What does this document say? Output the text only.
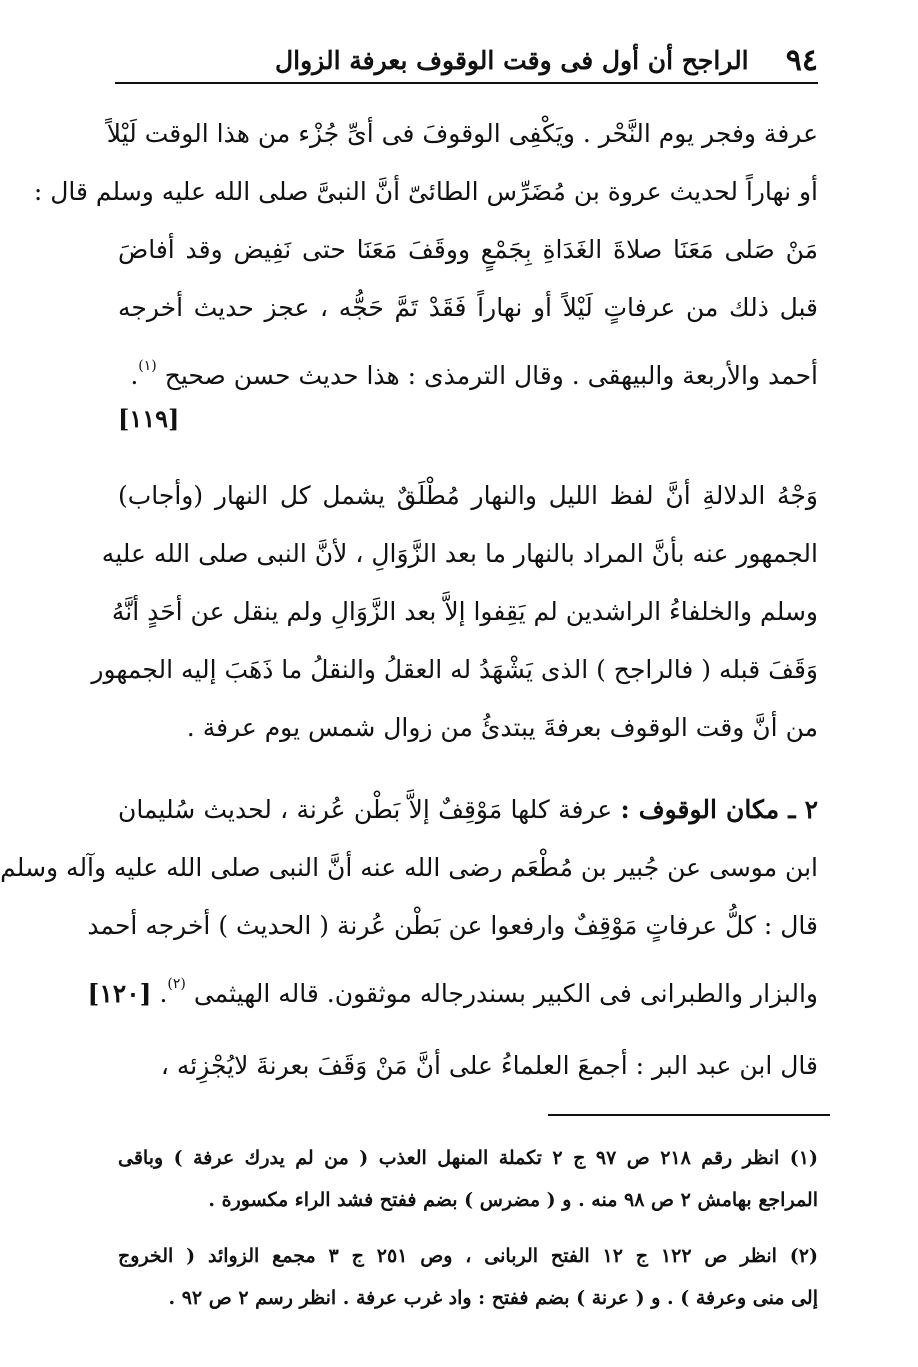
٩٤
الراجح أن أول فى وقت الوقوف بعرفة الزوال
عرفة وفجر يوم النَّحْر . ويَكْفِى الوقوفَ فى أىِّ جُزْء من هذا الوقت لَيْلاً
أو نهاراً لحديث عروة بن مُضَرِّس الطائىّ أنَّ النبىَّ صلى الله عليه وسلم قال :
مَنْ صَلى مَعَنَا صلاةَ الغَدَاةِ بِجَمْعٍ ووقَفَ مَعَنَا حتى نَفِيض وقد أفاضَ
قبل ذلك من عرفاتٍ لَيْلاً أو نهاراً فَقَدْ تَمَّ حَجُّه ، عجز حديث أخرجه
أحمد والأربعة والبيهقى . وقال الترمذى : هذا حديث حسن صحيح $^{(١)}$.
[١١٩]
وَجْهُ الدلالةِ أنَّ لفظ الليل والنهار مُطْلَقٌ يشمل كل النهار (وأجاب)
الجمهور عنه بأنَّ المراد بالنهار ما بعد الزَّوَالِ ، لأنَّ النبى صلى الله عليه
وسلم والخلفاءُ الراشدين لم يَقِفوا إلاَّ بعد الزَّوَالِ ولم ينقل عن أحَدٍ أنَّهُ
وَقَفَ قبله ( فالراجح ) الذى يَشْهَدُ له العقلُ والنقلُ ما ذَهَبَ إليه الجمهور
من أنَّ وقت الوقوف بعرفةَ يبتدئُ من زوال شمس يوم عرفة .
٢ ـ مكان الوقوف : عرفة كلها مَوْقِفٌ إلاَّ بَطْن عُرنة ، لحديث سُليمان
ابن موسى عن جُبير بن مُطْعَم رضى الله عنه أنَّ النبى صلى الله عليه وآله وسلم
قال : كلُّ عرفاتٍ مَوْقِفٌ وارفعوا عن بَطْن عُرنة ( الحديث ) أخرجه أحمد
والبزار والطبرانى فى الكبير بسندرجاله موثقون. قاله الهيثمى $^{(٢)}$. [١٢٠]
قال ابن عبد البر : أجمعَ العلماءُ على أنَّ مَنْ وَقَفَ بعرنةَ لايُجْزِئه ،
(١) انظر رقم ٢١٨ ص ٩٧ ج ٢ تكملة المنهل العذب ( من لم يدرك عرفة ) وباقى
المراجع بهامش ٢ ص ٩٨ منه . و ( مضرس ) بضم ففتح فشد الراء مكسورة .
(٢) انظر ص ١٢٢ ج ١٢ الفتح الربانى ، وص ٢٥١ ج ٣ مجمع الزوائد ( الخروج
إلى منى وعرفة ) . و ( عرنة ) بضم ففتح : واد غرب عرفة . انظر رسم ٢ ص ٩٢ .
